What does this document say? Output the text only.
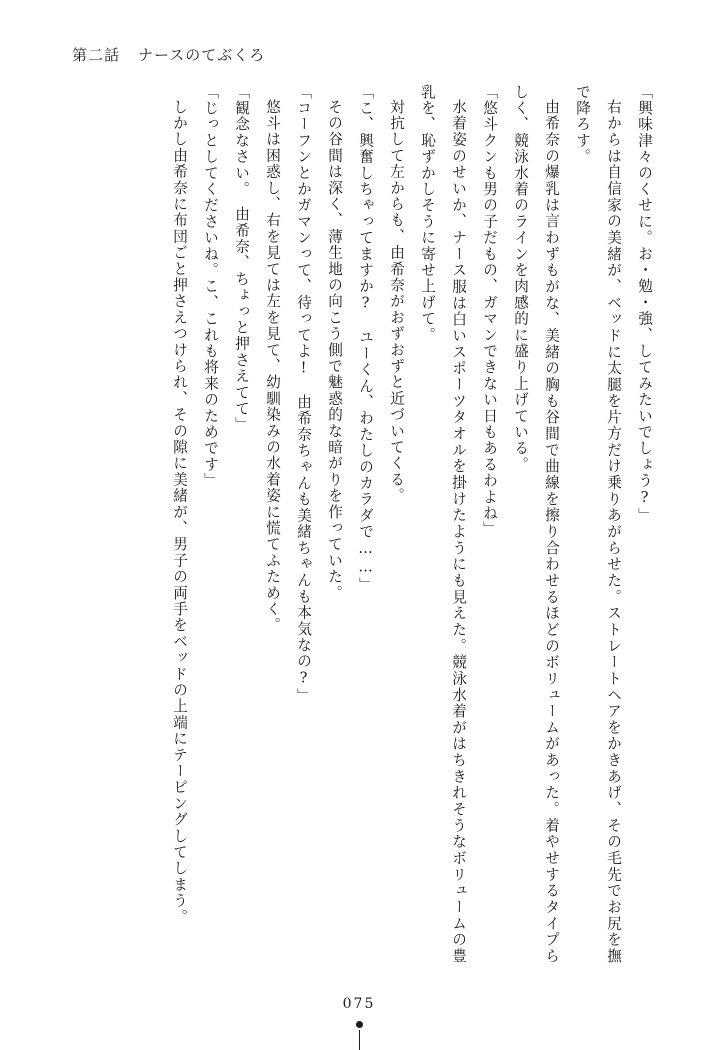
第二話 ナースのてぶくろ

「興味津々のくせに。お・勉・強、してみたいでしょう?」

右からは自信家の美緒が、ベッドに太腿を片方だけ乗りあがらせた。ストレートヘアをかきあげ、その毛先でお尻を撫で降ろす。

由希奈の爆乳は言わずもがな、美緒の胸も谷間で曲線を擦り合わせるほどのボリュームがあった。着やせするタイプらしく、競泳水着のラインを肉感的に盛り上げている。

「悠斗クンも男の子だもの、ガマンできない日もあるわよね」

水着姿のせいか、ナース服は白いスポーツタオルを掛けたようにも見えた。競泳水着がはちきれそうなボリュームの豊乳を、恥ずかしそうに寄せ上げて。

対抗して左からも、由希奈がおずおずと近づいてくる。

「こ、興奮しちゃってますか?　ユーくん、わたしのカラダで……」

その谷間は深く、薄生地の向こう側で魅惑的な暗がりを作っていた。

「コーフンとかガマンって、待ってよ!　由希奈ちゃんも美緒ちゃんも本気なの?」

悠斗は困惑し、右を見ては左を見て、幼馴染みの水着姿に慌てふためく。

「観念なさい。　由希奈、ちょっと押さえてて」

「じっとしてくださいね。こ、これも将来のためです」

しかし由希奈に布団ごと押さえつけられ、その隙に美緒が、男子の両手をベッドの上端にテーピングしてしまう。

075
